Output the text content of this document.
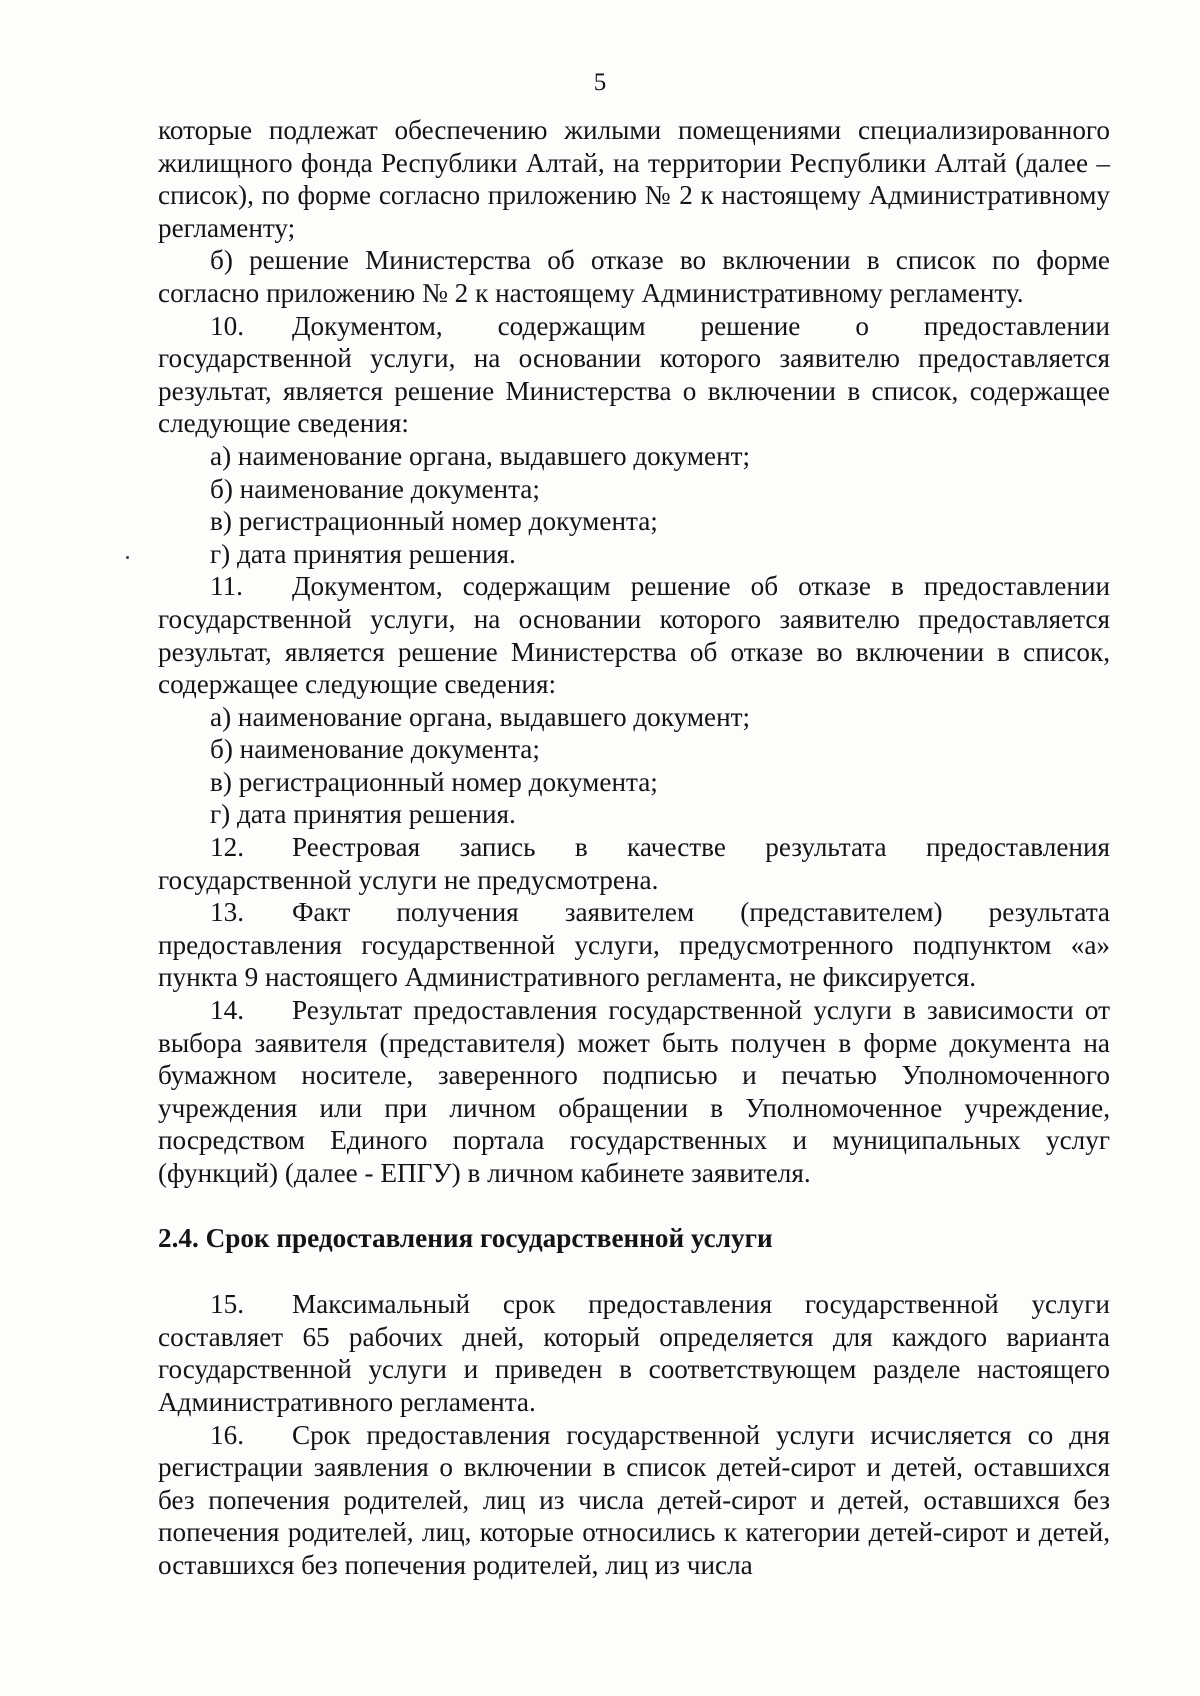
5

которые подлежат обеспечению жилыми помещениями специализированного жилищного фонда Республики Алтай, на территории Республики Алтай (далее – список), по форме согласно приложению № 2 к настоящему Административному регламенту;

б) решение Министерства об отказе во включении в список по форме согласно приложению № 2 к настоящему Административному регламенту.

10. Документом, содержащим решение о предоставлении государственной услуги, на основании которого заявителю предоставляется результат, является решение Министерства о включении в список, содержащее следующие сведения:

а) наименование органа, выдавшего документ;

б) наименование документа;

в) регистрационный номер документа;

г) дата принятия решения.

11. Документом, содержащим решение об отказе в предоставлении государственной услуги, на основании которого заявителю предоставляется результат, является решение Министерства об отказе во включении в список, содержащее следующие сведения:

а) наименование органа, выдавшего документ;

б) наименование документа;

в) регистрационный номер документа;

г) дата принятия решения.

12. Реестровая запись в качестве результата предоставления государственной услуги не предусмотрена.

13. Факт получения заявителем (представителем) результата предоставления государственной услуги, предусмотренного подпунктом «а» пункта 9 настоящего Административного регламента, не фиксируется.

14. Результат предоставления государственной услуги в зависимости от выбора заявителя (представителя) может быть получен в форме документа на бумажном носителе, заверенного подписью и печатью Уполномоченного учреждения или при личном обращении в Уполномоченное учреждение, посредством Единого портала государственных и муниципальных услуг (функций) (далее - ЕПГУ) в личном кабинете заявителя.

2.4. Срок предоставления государственной услуги

15. Максимальный срок предоставления государственной услуги составляет 65 рабочих дней, который определяется для каждого варианта государственной услуги и приведен в соответствующем разделе настоящего Административного регламента.

16. Срок предоставления государственной услуги исчисляется со дня регистрации заявления о включении в список детей-сирот и детей, оставшихся без попечения родителей, лиц из числа детей-сирот и детей, оставшихся без попечения родителей, лиц, которые относились к категории детей-сирот и детей, оставшихся без попечения родителей, лиц из числа
